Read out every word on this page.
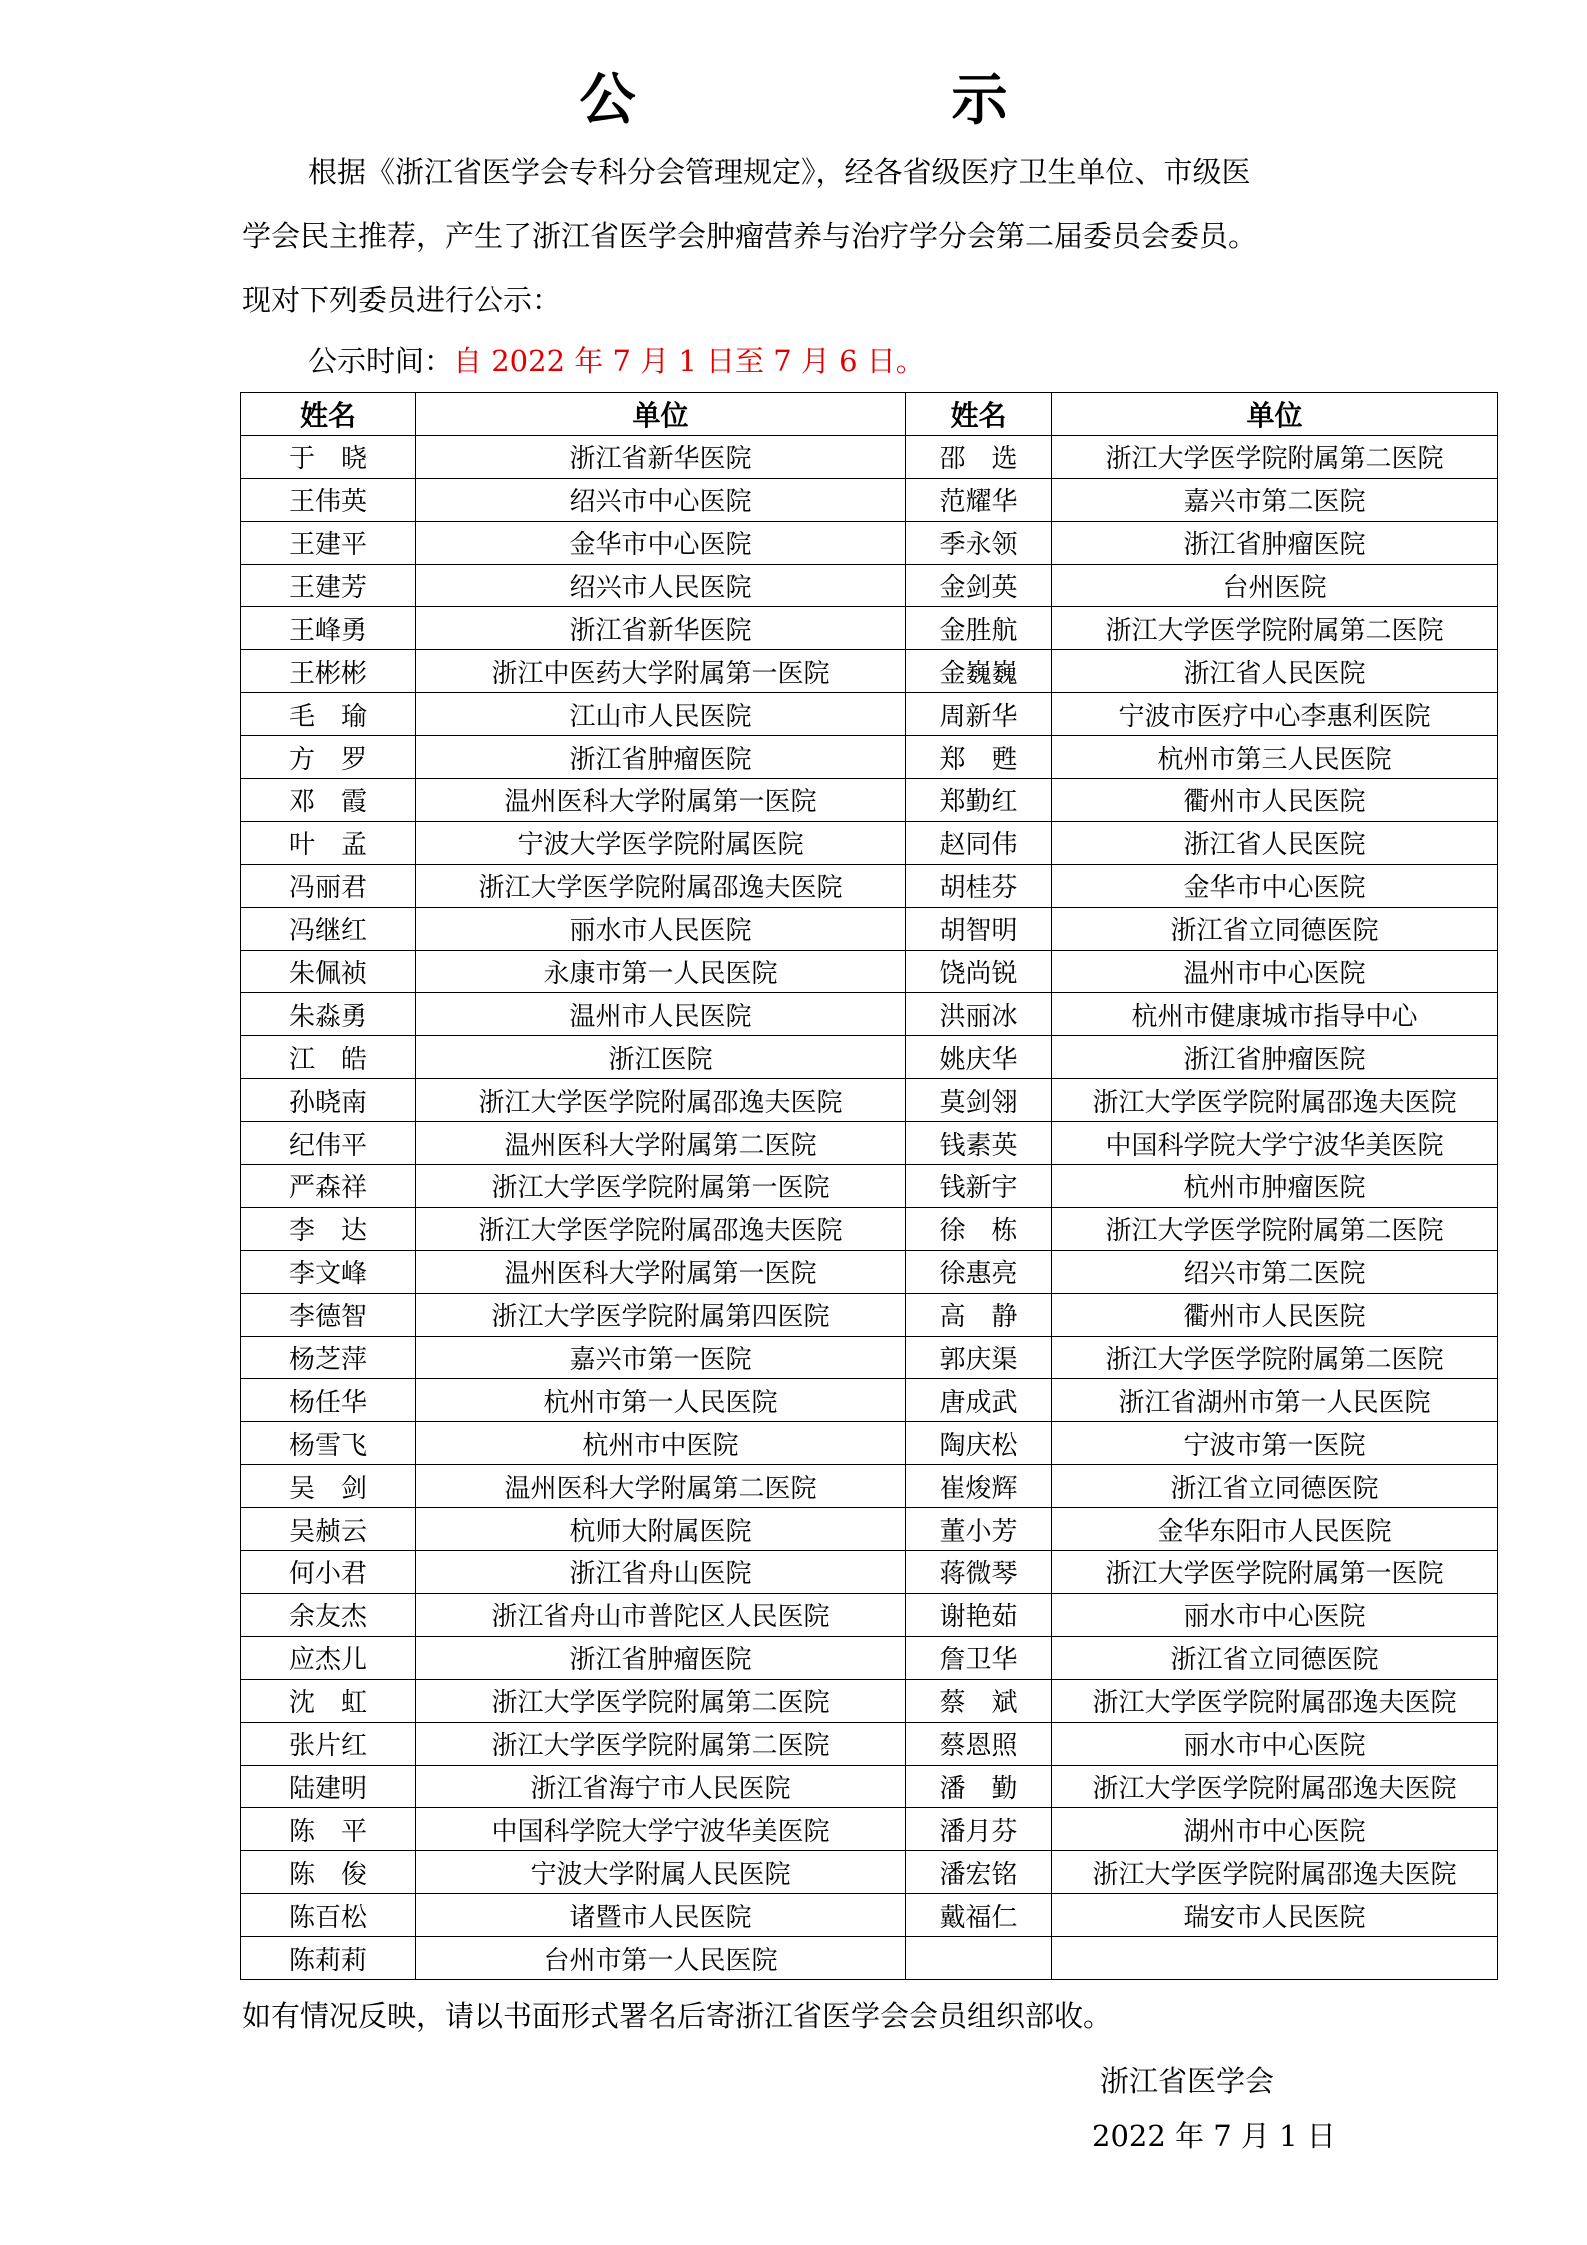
公　示
根据《浙江省医学会专科分会管理规定》，经各省级医疗卫生单位、市级医
学会民主推荐，产生了浙江省医学会肿瘤营养与治疗学分会第二届委员会委员。
现对下列委员进行公示：
公示时间：自 2022 年 7 月 1 日至 7 月 6 日。
姓名	单位	姓名	单位
于　晓	浙江省新华医院	邵　选	浙江大学医学院附属第二医院
王伟英	绍兴市中心医院	范耀华	嘉兴市第二医院
王建平	金华市中心医院	季永领	浙江省肿瘤医院
王建芳	绍兴市人民医院	金剑英	台州医院
王峰勇	浙江省新华医院	金胜航	浙江大学医学院附属第二医院
王彬彬	浙江中医药大学附属第一医院	金巍巍	浙江省人民医院
毛　瑜	江山市人民医院	周新华	宁波市医疗中心李惠利医院
方　罗	浙江省肿瘤医院	郑　甦	杭州市第三人民医院
邓　霞	温州医科大学附属第一医院	郑勤红	衢州市人民医院
叶　孟	宁波大学医学院附属医院	赵同伟	浙江省人民医院
冯丽君	浙江大学医学院附属邵逸夫医院	胡桂芬	金华市中心医院
冯继红	丽水市人民医院	胡智明	浙江省立同德医院
朱佩祯	永康市第一人民医院	饶尚锐	温州市中心医院
朱淼勇	温州市人民医院	洪丽冰	杭州市健康城市指导中心
江　皓	浙江医院	姚庆华	浙江省肿瘤医院
孙晓南	浙江大学医学院附属邵逸夫医院	莫剑翎	浙江大学医学院附属邵逸夫医院
纪伟平	温州医科大学附属第二医院	钱素英	中国科学院大学宁波华美医院
严森祥	浙江大学医学院附属第一医院	钱新宇	杭州市肿瘤医院
李　达	浙江大学医学院附属邵逸夫医院	徐　栋	浙江大学医学院附属第二医院
李文峰	温州医科大学附属第一医院	徐惠亮	绍兴市第二医院
李德智	浙江大学医学院附属第四医院	高　静	衢州市人民医院
杨芝萍	嘉兴市第一医院	郭庆渠	浙江大学医学院附属第二医院
杨任华	杭州市第一人民医院	唐成武	浙江省湖州市第一人民医院
杨雪飞	杭州市中医院	陶庆松	宁波市第一医院
吴　剑	温州医科大学附属第二医院	崔焌辉	浙江省立同德医院
吴赪云	杭师大附属医院	董小芳	金华东阳市人民医院
何小君	浙江省舟山医院	蒋微琴	浙江大学医学院附属第一医院
余友杰	浙江省舟山市普陀区人民医院	谢艳茹	丽水市中心医院
应杰儿	浙江省肿瘤医院	詹卫华	浙江省立同德医院
沈　虹	浙江大学医学院附属第二医院	蔡　斌	浙江大学医学院附属邵逸夫医院
张片红	浙江大学医学院附属第二医院	蔡恩照	丽水市中心医院
陆建明	浙江省海宁市人民医院	潘　勤	浙江大学医学院附属邵逸夫医院
陈　平	中国科学院大学宁波华美医院	潘月芬	湖州市中心医院
陈　俊	宁波大学附属人民医院	潘宏铭	浙江大学医学院附属邵逸夫医院
陈百松	诸暨市人民医院	戴福仁	瑞安市人民医院
陈莉莉	台州市第一人民医院		
如有情况反映，请以书面形式署名后寄浙江省医学会会员组织部收。
浙江省医学会
2022 年 7 月 1 日
